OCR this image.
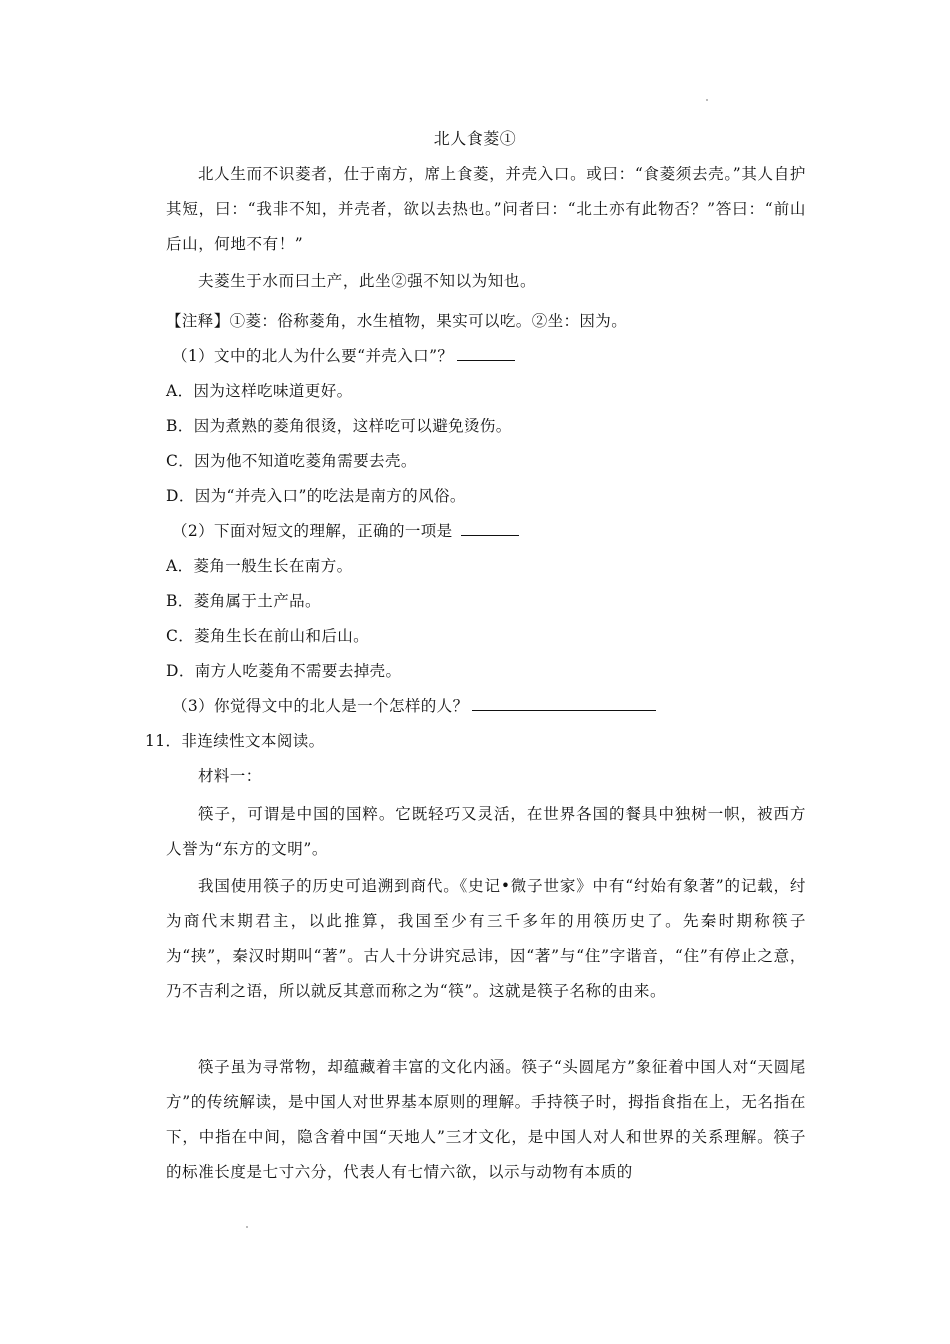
北人食菱①
北人生而不识菱者，仕于南方，席上食菱，并壳入口。或曰：“食菱须去壳。”其人自护其短，曰：“我非不知，并壳者，欲以去热也。”问者曰：“北土亦有此物否？”答曰：“前山后山，何地不有！”
夫菱生于水而曰土产，此坐②强不知以为知也。
【注释】①菱：俗称菱角，水生植物，果实可以吃。②坐：因为。
（1）文中的北人为什么要“并壳入口”？
A．因为这样吃味道更好。
B．因为煮熟的菱角很烫，这样吃可以避免烫伤。
C．因为他不知道吃菱角需要去壳。
D．因为“并壳入口”的吃法是南方的风俗。
（2）下面对短文的理解，正确的一项是
A．菱角一般生长在南方。
B．菱角属于土产品。
C．菱角生长在前山和后山。
D．南方人吃菱角不需要去掉壳。
（3）你觉得文中的北人是一个怎样的人？
11．非连续性文本阅读。
材料一：
筷子，可谓是中国的国粹。它既轻巧又灵活，在世界各国的餐具中独树一帜，被西方人誉为“东方的文明”。
我国使用筷子的历史可追溯到商代。《史记•微子世家》中有“纣始有象著”的记载，纣为商代末期君主，以此推算，我国至少有三千多年的用筷历史了。先秦时期称筷子为“挟”，秦汉时期叫“著”。古人十分讲究忌讳，因“著”与“住”字谐音，“住”有停止之意，乃不吉利之语，所以就反其意而称之为“筷”。这就是筷子名称的由来。
筷子虽为寻常物，却蕴藏着丰富的文化内涵。筷子“头圆尾方”象征着中国人对“天圆尾方”的传统解读，是中国人对世界基本原则的理解。手持筷子时，拇指食指在上，无名指在下，中指在中间，隐含着中国“天地人”三才文化，是中国人对人和世界的关系理解。筷子的标准长度是七寸六分，代表人有七情六欲，以示与动物有本质的
